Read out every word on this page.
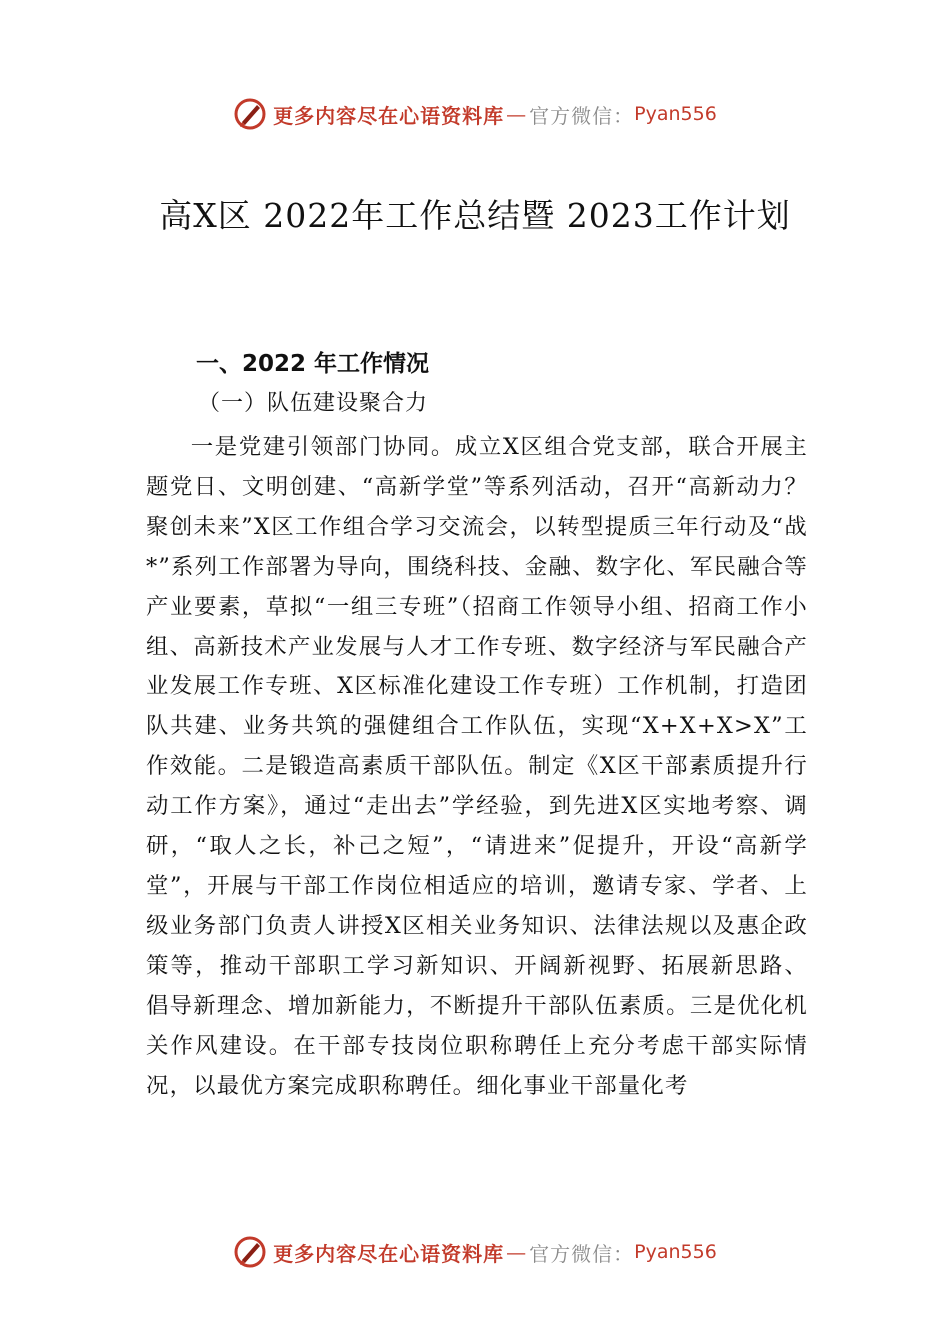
更多内容尽在心语资料库 — 官方微信： Pyan556
高X区 2022年工作总结暨 2023工作计划
一、2022 年工作情况
（一）队伍建设聚合力

一是党建引领部门协同。成立X区组合党支部，联合开展主题党日、文明创建、“高新学堂”等系列活动，召开“高新动力？聚创未来”X区工作组合学习交流会，以转型提质三年行动及“战*”系列工作部署为导向，围绕科技、金融、数字化、军民融合等产业要素，草拟“一组三专班”（招商工作领导小组、招商工作小组、高新技术产业发展与人才工作专班、数字经济与军民融合产业发展工作专班、X区标准化建设工作专班）工作机制，打造团队共建、业务共筑的强健组合工作队伍，实现“X+X+X>X”工作效能。二是锻造高素质干部队伍。制定《X区干部素质提升行动工作方案》，通过“走出去”学经验，到先进X区实地考察、调研，“取人之长，补己之短”，“请进来”促提升，开设“高新学堂”，开展与干部工作岗位相适应的培训，邀请专家、学者、上级业务部门负责人讲授X区相关业务知识、法律法规以及惠企政策等，推动干部职工学习新知识、开阔新视野、拓展新思路、 倡导新理念、增加新能力，不断提升干部队伍素质。三是优化机关作风建设。在干部专技岗位职称聘任上充分考虑干部实际情况，以最优方案完成职称聘任。细化事业干部量化考

更多内容尽在心语资料库 — 官方微信： Pyan556
